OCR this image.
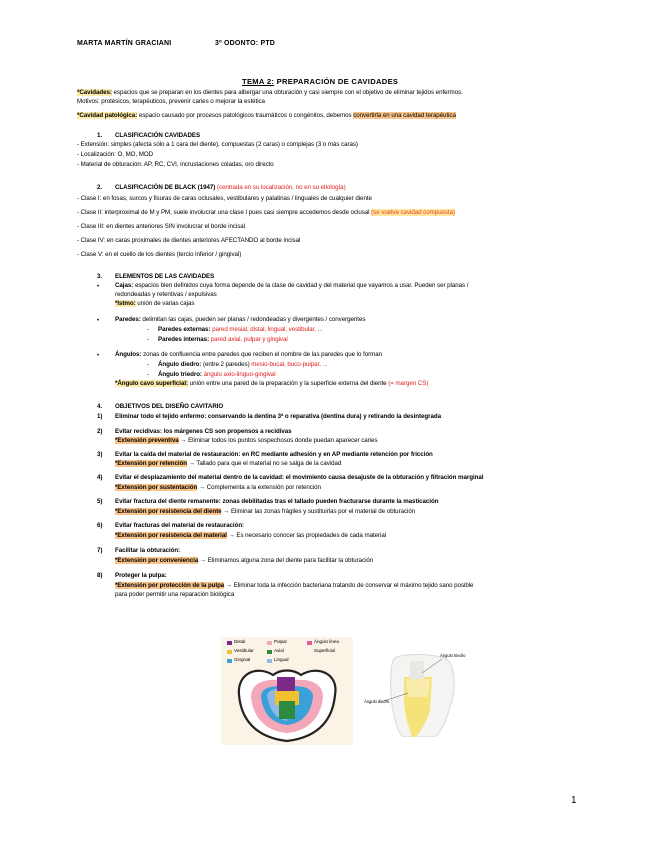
MARTA MARTÍN GRACIANI	3º ODONTO: PTD
TEMA 2: PREPARACIÓN DE CAVIDADES
*Cavidades: espacios que se preparan en los dientes para albergar una obturación y casi siempre con el objetivo de eliminar tejidos enfermos.
Motivos: protésicos, terapéuticos, prevenir caries o mejorar la estética
*Cavidad patológica: espacio causado por procesos patológicos traumáticos o congénitos, debemos convertirla en una cavidad terapéutica
1. CLASIFICACIÓN CAVIDADES
- Extensión: simples (afecta sólo a 1 cara del diente), compuestas (2 caras) o complejas (3 o más caras)
- Localización: O, MO, MOD
- Material de obturación: AP, RC, CVI, incrustaciones coladas, oro directo
2. CLASIFICACIÓN DE BLACK (1947) (centrada en su localización, no en su etiología)
- Clase I: en fosas, surcos y fisuras de caras oclusales, vestibulares y palatinas / linguales de cualquier diente
- Clase II: interproximal de M y PM, suele involucrar una clase I pues casi siempre accedemos desde oclusal (se vuelve cavidad compuesta)
- Clase III: en dientes anteriores SIN involucrar el borde incisal
- Clase IV: en caras proximales de dientes anteriores AFECTANDO al borde incisal
- Clase V: en el cuello de los dientes (tercio inferior / gingival)
3. ELEMENTOS DE LAS CAVIDADES
•	Cajas: espacios bien definidos cuya forma depende de la clase de cavidad y del material que vayamos a usar. Pueden ser planas /
redondeadas y retentivas / expulsivas
*Istmo: unión de varias cajas
•	Paredes: delimitan las cajas, pueden ser planas / redondeadas y divergentes / convergentes
- Paredes externas: pared mesial, distal, lingual, vestibular, ...
- Paredes internas: pared axial, pulpar y gingival
•	Ángulos: zonas de confluencia entre paredes que reciben el nombre de las paredes que lo forman
- Ángulo diedro: (entre 2 paredes) mesio-bucal, buco-pulpar, ...
- Ángulo triedro: ángulo axio-linguo-gingival
*Ángulo cavo superficial: unión entre una pared de la preparación y la superficie externa del diente (= margen CS)
4. OBJETIVOS DEL DISEÑO CAVITARIO
1) Eliminar todo el tejido enfermo: conservando la dentina 3ª o reparativa (dentina dura) y retirando la desintegrada
2) Evitar recidivas: los márgenes CS son propensos a recidivas
*Extensión preventiva → Eliminar todos los puntos sospechosos donde puedan aparecer caries
3) Evitar la caída del material de restauración: en RC mediante adhesión y en AP mediante retención por fricción
*Extensión por retención → Tallado para que el material no se salga de la cavidad
4) Evitar el desplazamiento del material dentro de la cavidad: el movimiento causa desajuste de la obturación y filtración marginal
*Extensión por sustentación → Complementa a la extensión por retención
5) Evitar fractura del diente remanente: zonas debilitadas tras el tallado pueden fracturarse durante la masticación
*Extensión por resistencia del diente → Eliminar las zonas frágiles y sustituirlas por el material de obturación
6) Evitar fracturas del material de restauración:
*Extensión por resistencia del material → Es necesario conocer las propiedades de cada material
7) Facilitar la obturación:
*Extensión por conveniencia → Eliminamos alguna zona del diente para facilitar la obturación
8) Proteger la pulpa:
*Extensión por protección de la pulpa → Eliminar toda la infección bacteriana tratando de conservar el máximo tejido sano posible
para poder permitir una reparación biológica
Distal
Vestibular
Gingival
Pulpar
Axial
Lingual
Ángulo línea
Superficial
Ángulo triedro
Ángulo diedro
1
